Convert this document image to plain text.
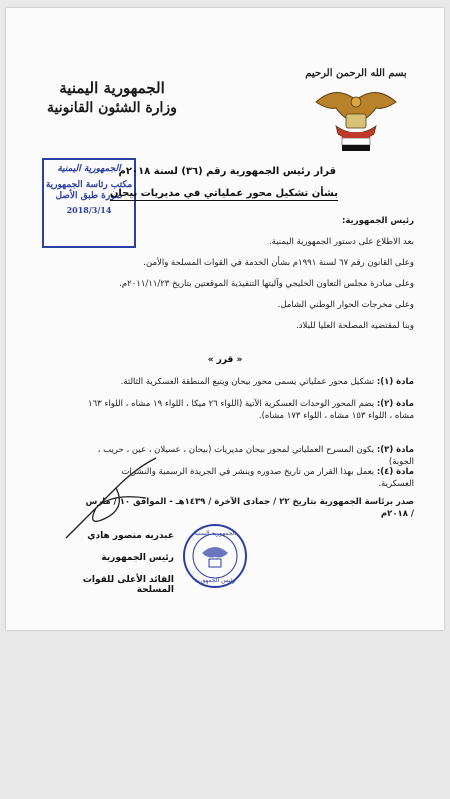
الجمهورية اليمنية
وزارة الشئون القانونية
بسم الله الرحمن الرحيم
الجمهورية اليمنية
مكتب رئاسة الجمهورية
صورة طبق الأصل
2018/3/14
قرار رئيس الجمهورية رقم (٣٦) لسنة ٢٠١٨م
بشأن تشكيل محور عملياتي في مديريات بيحان
رئيس الجمهورية:
بعد الاطلاع على دستور الجمهورية اليمنية.
وعلى القانون رقم ٦٧ لسنة ١٩٩١م بشأن الخدمة في القوات المسلحة والأمن.
وعلى مبادرة مجلس التعاون الخليجي وآليتها التنفيذية الموقعتين بتاريخ ٢٠١١/١١/٢٣م.
وعلى مخرجات الحوار الوطني الشامل.
وبنا لمقتضيه المصلحة العليا للبلاد.
« قرر »
مادة (١): تشكيل محور عملياتي يسمى محور بيحان ويتبع المنطقة العسكرية الثالثة.
مادة (٢): يضم المحور الوحدات العسكرية الآتية (اللواء ٢٦ ميكا ، اللواء ١٩ مشاه ، اللواء ١٦٣ مشاه ، اللواء ١٥٣ مشاه ، اللواء ١٧٣ مشاه).
مادة (٣): يكون المسرح العملياتي لمحور بيحان مديريات (بيحان ، عسيلان ، عين ، حريب ، الجوبة)
مادة (٤): يعمل بهذا القرار من تاريخ صدوره وينشر في الجريدة الرسمية والنشرات العسكرية.
صدر برئاسة الجمهورية بتاريخ ٢٢ / جمادى الآخرة / ١٤٣٩هـ - الموافق ١٠ / مارس / ٢٠١٨م
عبدربه منصور هادي
رئيس الجمهورية
القائد الأعلى للقوات المسلحة
الجمهورية اليمنية
رئيس الجمهورية
